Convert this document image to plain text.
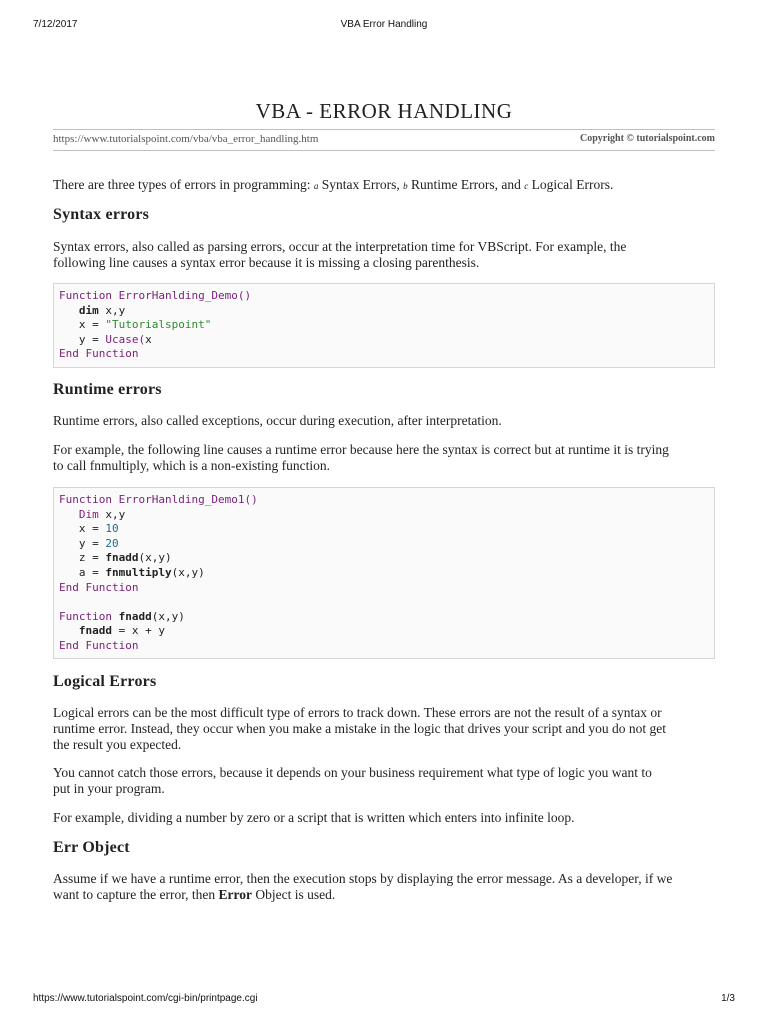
7/12/2017	VBA Error Handling
VBA - ERROR HANDLING
https://www.tutorialspoint.com/vba/vba_error_handling.htm	Copyright © tutorialspoint.com

There are three types of errors in programming: a Syntax Errors, b Runtime Errors, and c Logical Errors.

Syntax errors

Syntax errors, also called as parsing errors, occur at the interpretation time for VBScript. For example, the
following line causes a syntax error because it is missing a closing parenthesis.

Function ErrorHanlding_Demo()
dim x,y
x = "Tutorialspoint"
y = Ucase(x
End Function
Runtime errors

Runtime errors, also called exceptions, occur during execution, after interpretation.

For example, the following line causes a runtime error because here the syntax is correct but at runtime it is trying
to call fnmultiply, which is a non-existing function.

Function ErrorHanlding_Demo1()
Dim x,y
x = 10
y = 20
z = fnadd(x,y)
a = fnmultiply(x,y)
End Function

Function fnadd(x,y)
fnadd = x + y
End Function
Logical Errors

Logical errors can be the most difficult type of errors to track down. These errors are not the result of a syntax or
runtime error. Instead, they occur when you make a mistake in the logic that drives your script and you do not get
the result you expected.

You cannot catch those errors, because it depends on your business requirement what type of logic you want to
put in your program.

For example, dividing a number by zero or a script that is written which enters into infinite loop.

Err Object

Assume if we have a runtime error, then the execution stops by displaying the error message. As a developer, if we
want to capture the error, then Error Object is used.

https://www.tutorialspoint.com/cgi-bin/printpage.cgi	1/3
